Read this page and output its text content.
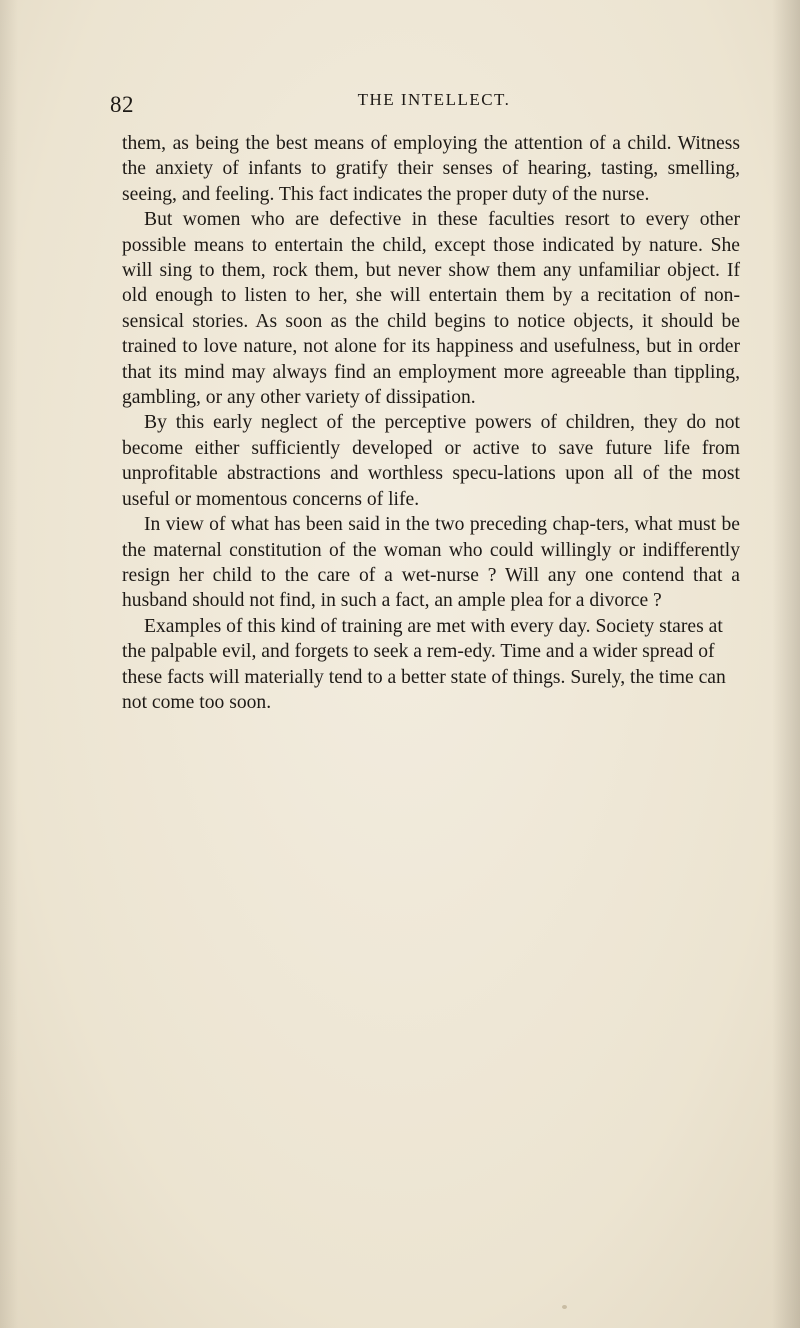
82	THE INTELLECT.

them, as being the best means of employing the attention of a child. Witness the anxiety of infants to gratify their senses of hearing, tasting, smelling, seeing, and feeling. This fact indicates the proper duty of the nurse.

But women who are defective in these faculties resort to every other possible means to entertain the child, except those indicated by nature. She will sing to them, rock them, but never show them any unfamiliar object. If old enough to listen to her, she will entertain them by a recitation of non-sensical stories. As soon as the child begins to notice objects, it should be trained to love nature, not alone for its happiness and usefulness, but in order that its mind may always find an employment more agreeable than tippling, gambling, or any other variety of dissipation.

By this early neglect of the perceptive powers of children, they do not become either sufficiently developed or active to save future life from unprofitable abstractions and worthless specu-lations upon all of the most useful or momentous concerns of life.

In view of what has been said in the two preceding chap-ters, what must be the maternal constitution of the woman who could willingly or indifferently resign her child to the care of a wet-nurse ? Will any one contend that a husband should not find, in such a fact, an ample plea for a divorce ?

Examples of this kind of training are met with every day. Society stares at the palpable evil, and forgets to seek a rem-edy. Time and a wider spread of these facts will materially tend to a better state of things. Surely, the time can not come too soon.
